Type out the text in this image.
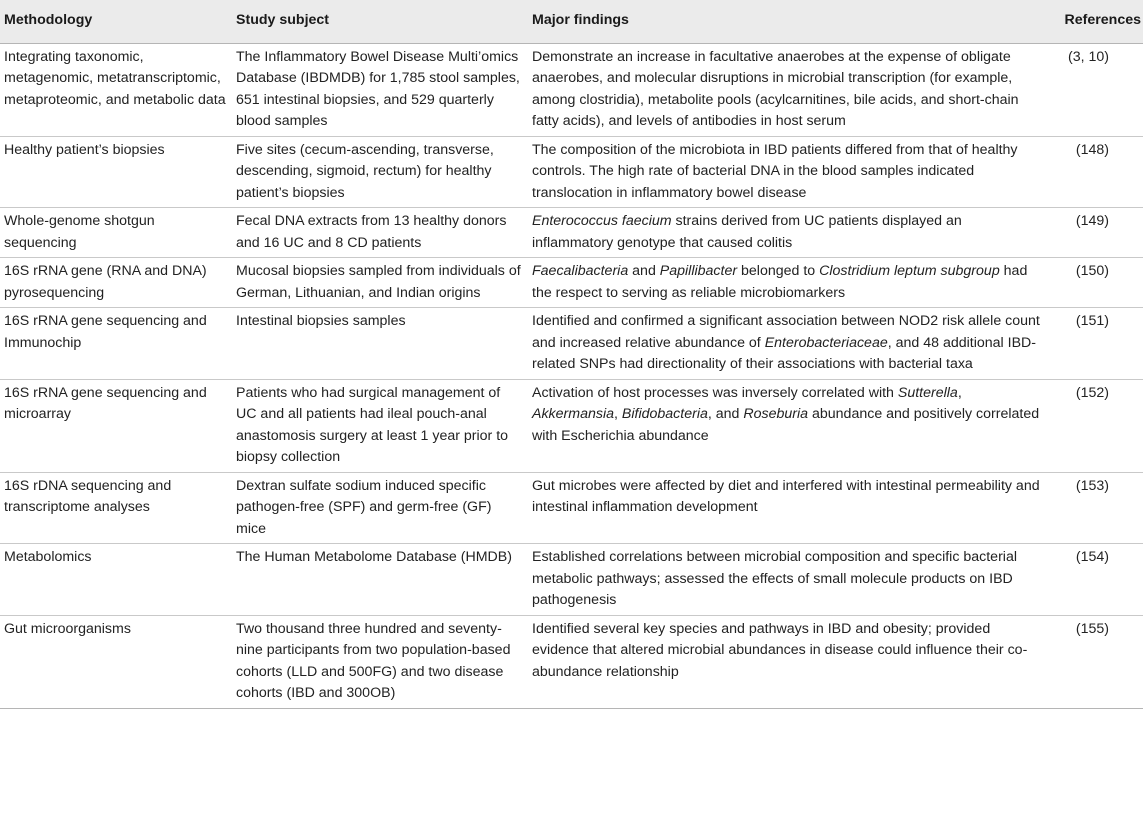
Methodology	Study subject	Major findings	References
Integrating taxonomic, metagenomic, metatranscriptomic, metaproteomic, and metabolic data	The Inflammatory Bowel Disease Multi’omics Database (IBDMDB) for 1,785 stool samples, 651 intestinal biopsies, and 529 quarterly blood samples	Demonstrate an increase in facultative anaerobes at the expense of obligate anaerobes, and molecular disruptions in microbial transcription (for example, among clostridia), metabolite pools (acylcarnitines, bile acids, and short-chain fatty acids), and levels of antibodies in host serum	(3, 10)
Healthy patient’s biopsies	Five sites (cecum-ascending, transverse, descending, sigmoid, rectum) for healthy patient’s biopsies	The composition of the microbiota in IBD patients differed from that of healthy controls. The high rate of bacterial DNA in the blood samples indicated translocation in inflammatory bowel disease	(148)
Whole-genome shotgun sequencing	Fecal DNA extracts from 13 healthy donors and 16 UC and 8 CD patients	Enterococcus faecium strains derived from UC patients displayed an inflammatory genotype that caused colitis	(149)
16S rRNA gene (RNA and DNA) pyrosequencing	Mucosal biopsies sampled from individuals of German, Lithuanian, and Indian origins	Faecalibacteria and Papillibacter belonged to Clostridium leptum subgroup had the respect to serving as reliable microbiomarkers	(150)
16S rRNA gene sequencing and Immunochip	Intestinal biopsies samples	Identified and confirmed a significant association between NOD2 risk allele count and increased relative abundance of Enterobacteriaceae, and 48 additional IBD-related SNPs had directionality of their associations with bacterial taxa	(151)
16S rRNA gene sequencing and microarray	Patients who had surgical management of UC and all patients had ileal pouch-anal anastomosis surgery at least 1 year prior to biopsy collection	Activation of host processes was inversely correlated with Sutterella, Akkermansia, Bifidobacteria, and Roseburia abundance and positively correlated with Escherichia abundance	(152)
16S rDNA sequencing and transcriptome analyses	Dextran sulfate sodium induced specific pathogen-free (SPF) and germ-free (GF) mice	Gut microbes were affected by diet and interfered with intestinal permeability and intestinal inflammation development	(153)
Metabolomics	The Human Metabolome Database (HMDB)	Established correlations between microbial composition and specific bacterial metabolic pathways; assessed the effects of small molecule products on IBD pathogenesis	(154)
Gut microorganisms	Two thousand three hundred and seventy-nine participants from two population-based cohorts (LLD and 500FG) and two disease cohorts (IBD and 300OB)	Identified several key species and pathways in IBD and obesity; provided evidence that altered microbial abundances in disease could influence their co-abundance relationship	(155)
